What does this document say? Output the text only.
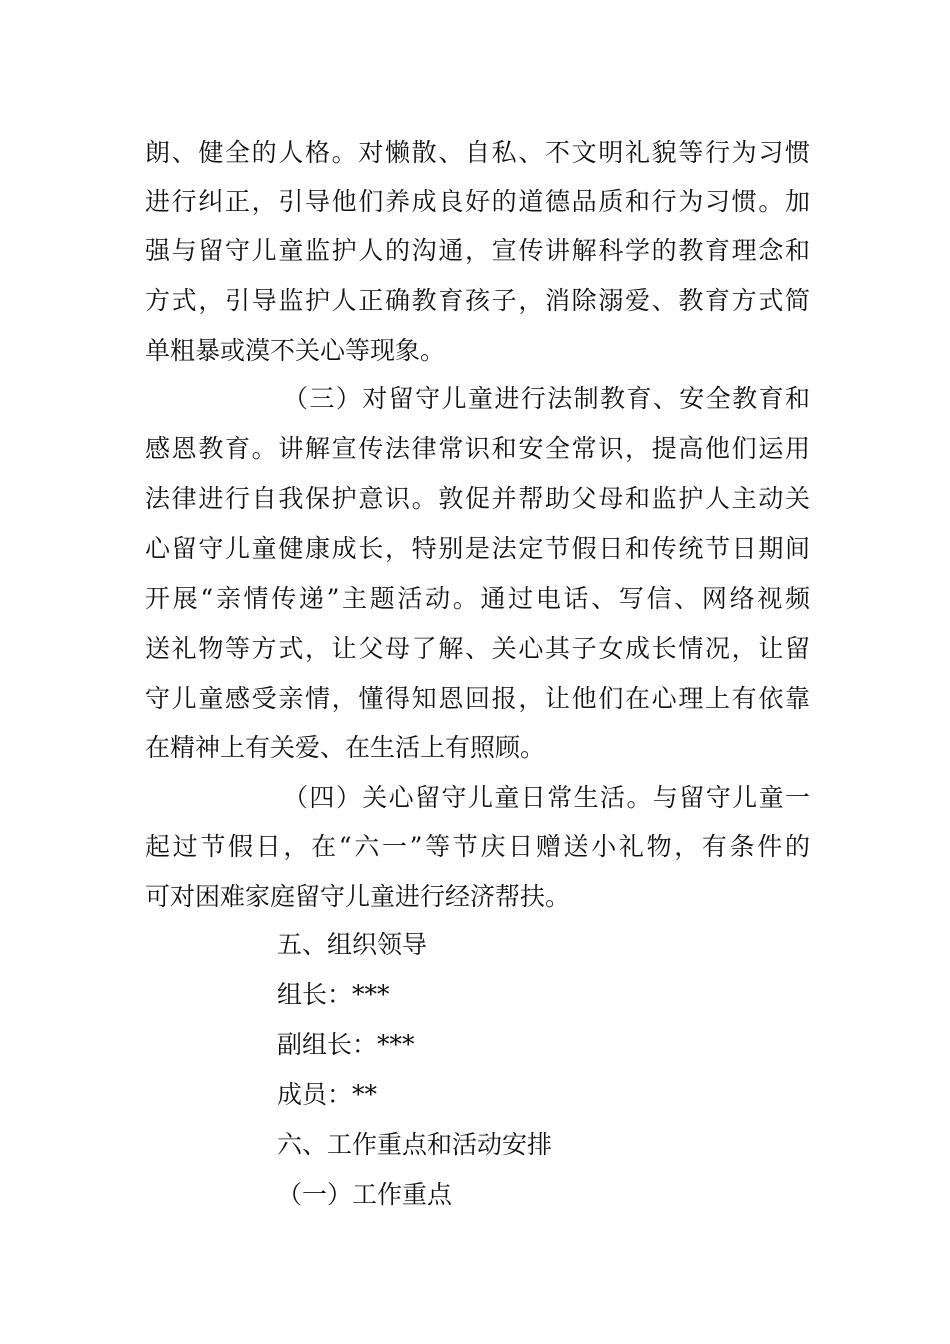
朗、健全的人格。对懒散、自私、不文明礼貌等行为习惯
进行纠正，引导他们养成良好的道德品质和行为习惯。加
强与留守儿童监护人的沟通，宣传讲解科学的教育理念和
方式，引导监护人正确教育孩子，消除溺爱、教育方式简
单粗暴或漠不关心等现象。
（三）对留守儿童进行法制教育、安全教育和
感恩教育。讲解宣传法律常识和安全常识，提高他们运用
法律进行自我保护意识。敦促并帮助父母和监护人主动关
心留守儿童健康成长，特别是法定节假日和传统节日期间
开展“亲情传递”主题活动。通过电话、写信、网络视频
送礼物等方式，让父母了解、关心其子女成长情况，让留
守儿童感受亲情，懂得知恩回报，让他们在心理上有依靠
在精神上有关爱、在生活上有照顾。
（四）关心留守儿童日常生活。与留守儿童一
起过节假日，在“六一”等节庆日赠送小礼物，有条件的
可对困难家庭留守儿童进行经济帮扶。
五、组织领导
组长：***
副组长：***
成员：**
六、工作重点和活动安排
（一）工作重点
